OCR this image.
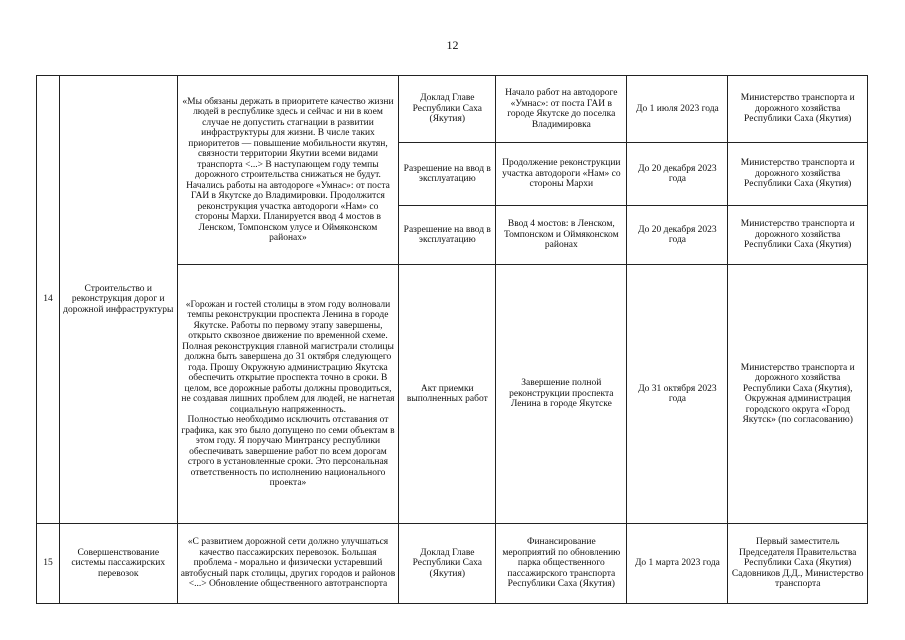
12
14	Строительство и реконструкция дорог и дорожной инфраструктуры	«Мы обязаны держать в приоритете качество жизни людей в республике здесь и сейчас и ни в коем случае не допустить стагнации в развитии инфраструктуры для жизни. В числе таких приоритетов — повышение мобильности якутян, связности территории Якутии всеми видами транспорта <...> В наступающем году темпы дорожного строительства снижаться не будут. Начались работы на автодороге «Умнас»: от поста ГАИ в Якутске до Владимировки. Продолжится реконструкция участка автодороги «Нам» со стороны Мархи. Планируется ввод 4 мостов в Ленском, Томпонском улусе и Оймяконском районах»	Доклад Главе Республики Саха (Якутия)	Начало работ на автодороге «Умнас»: от поста ГАИ в городе Якутске до поселка Владимировка	До 1 июля 2023 года	Министерство транспорта и дорожного хозяйства Республики Саха (Якутия)
			Разрешение на ввод в эксплуатацию	Продолжение реконструкции участка автодороги «Нам» со стороны Мархи	До 20 декабря 2023 года	Министерство транспорта и дорожного хозяйства Республики Саха (Якутия)
			Разрешение на ввод в эксплуатацию	Ввод 4 мостов: в Ленском, Томпонском и Оймяконском районах	До 20 декабря 2023 года	Министерство транспорта и дорожного хозяйства Республики Саха (Якутия)

		«Горожан и гостей столицы в этом году волновали темпы реконструкции проспекта Ленина в городе Якутске. Работы по первому этапу завершены, открыто сквозное движение по временной схеме. Полная реконструкция главной магистрали столицы должна быть завершена до 31 октября следующего года. Прошу Окружную администрацию Якутска обеспечить открытие проспекта точно в сроки. В целом, все дорожные работы должны проводиться, не создавая лишних проблем для людей, не нагнетая социальную напряженность.
Полностью необходимо исключить отставания от графика, как это было допущено по семи объектам в этом году. Я поручаю Минтрансу республики обеспечивать завершение работ по всем дорогам строго в установленные сроки. Это персональная ответственность по исполнению национального проекта»	Акт приемки выполненных работ	Завершение полной реконструкции проспекта Ленина в городе Якутске	До 31 октября 2023 года	Министерство транспорта и дорожного хозяйства Республики Саха (Якутия), Окружная администрация городского округа «Город Якутск» (по согласованию)
15	Совершенствование системы пассажирских перевозок	«С развитием дорожной сети должно улучшаться качество пассажирских перевозок. Большая проблема - морально и физически устаревший автобусный парк столицы, других городов и районов <...> Обновление общественного автотранспорта	Доклад Главе Республики Саха (Якутия)	Финансирование мероприятий по обновлению парка общественного пассажирского транспорта Республики Саха (Якутия)	До 1 марта 2023 года	Первый заместитель Председателя Правительства Республики Саха (Якутия) Садовников Д.Д., Министерство транспорта
